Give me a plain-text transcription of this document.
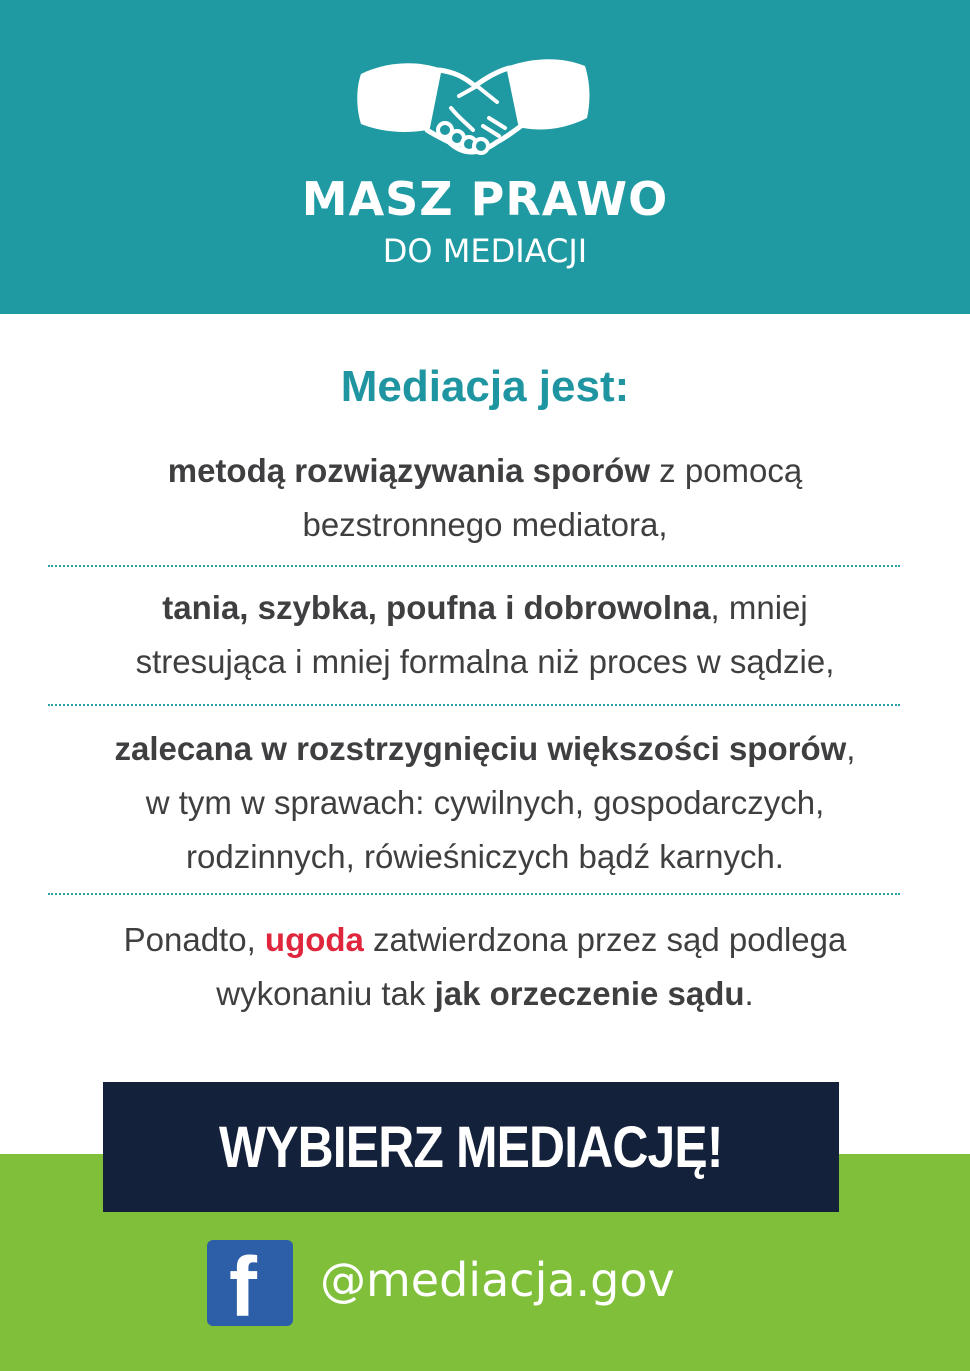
MASZ PRAWO
DO MEDIACJI
Mediacja jest:
metodą rozwiązywania sporów z pomocą
bezstronnego mediatora,
tania, szybka, poufna i dobrowolna, mniej
stresująca i mniej formalna niż proces w sądzie,
zalecana w rozstrzygnięciu większości sporów,
w tym w sprawach: cywilnych, gospodarczych,
rodzinnych, rówieśniczych bądź karnych.
Ponadto, ugoda zatwierdzona przez sąd podlega
wykonaniu tak jak orzeczenie sądu.
WYBIERZ MEDIACJĘ!
f @mediacja.gov
